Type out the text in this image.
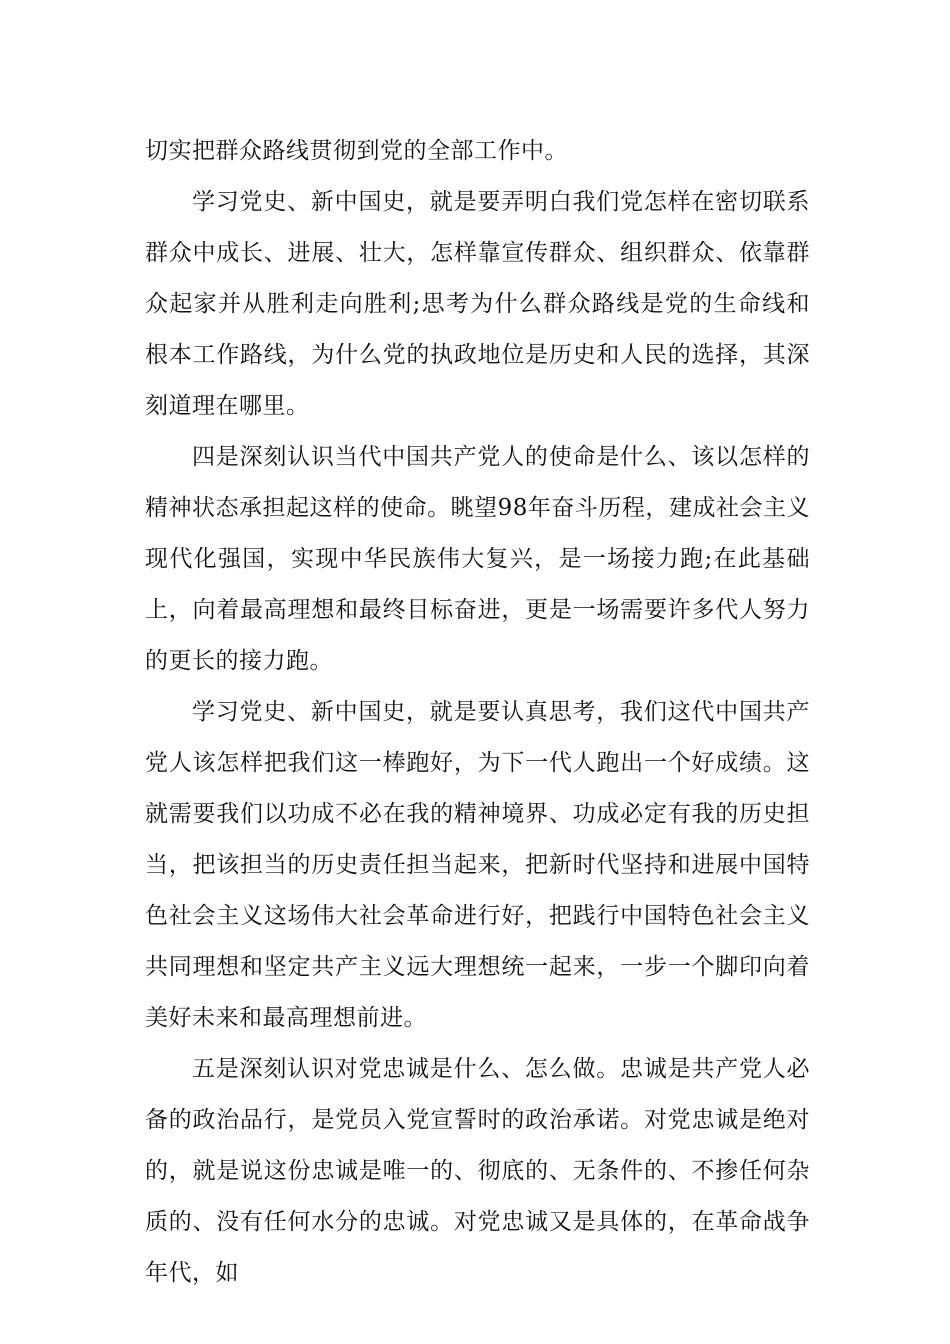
切实把群众路线贯彻到党的全部工作中。

学习党史、新中国史，就是要弄明白我们党怎样在密切联系群众中成长、进展、壮大，怎样靠宣传群众、组织群众、依靠群众起家并从胜利走向胜利;思考为什么群众路线是党的生命线和根本工作路线，为什么党的执政地位是历史和人民的选择，其深刻道理在哪里。

四是深刻认识当代中国共产党人的使命是什么、该以怎样的精神状态承担起这样的使命。眺望98年奋斗历程，建成社会主义现代化强国，实现中华民族伟大复兴，是一场接力跑;在此基础上，向着最高理想和最终目标奋进，更是一场需要许多代人努力的更长的接力跑。

学习党史、新中国史，就是要认真思考，我们这代中国共产党人该怎样把我们这一棒跑好，为下一代人跑出一个好成绩。这就需要我们以功成不必在我的精神境界、功成必定有我的历史担当，把该担当的历史责任担当起来，把新时代坚持和进展中国特色社会主义这场伟大社会革命进行好，把践行中国特色社会主义共同理想和坚定共产主义远大理想统一起来，一步一个脚印向着美好未来和最高理想前进。

五是深刻认识对党忠诚是什么、怎么做。忠诚是共产党人必备的政治品行，是党员入党宣誓时的政治承诺。对党忠诚是绝对的，就是说这份忠诚是唯一的、彻底的、无条件的、不掺任何杂质的、没有任何水分的忠诚。对党忠诚又是具体的，在革命战争年代，如
